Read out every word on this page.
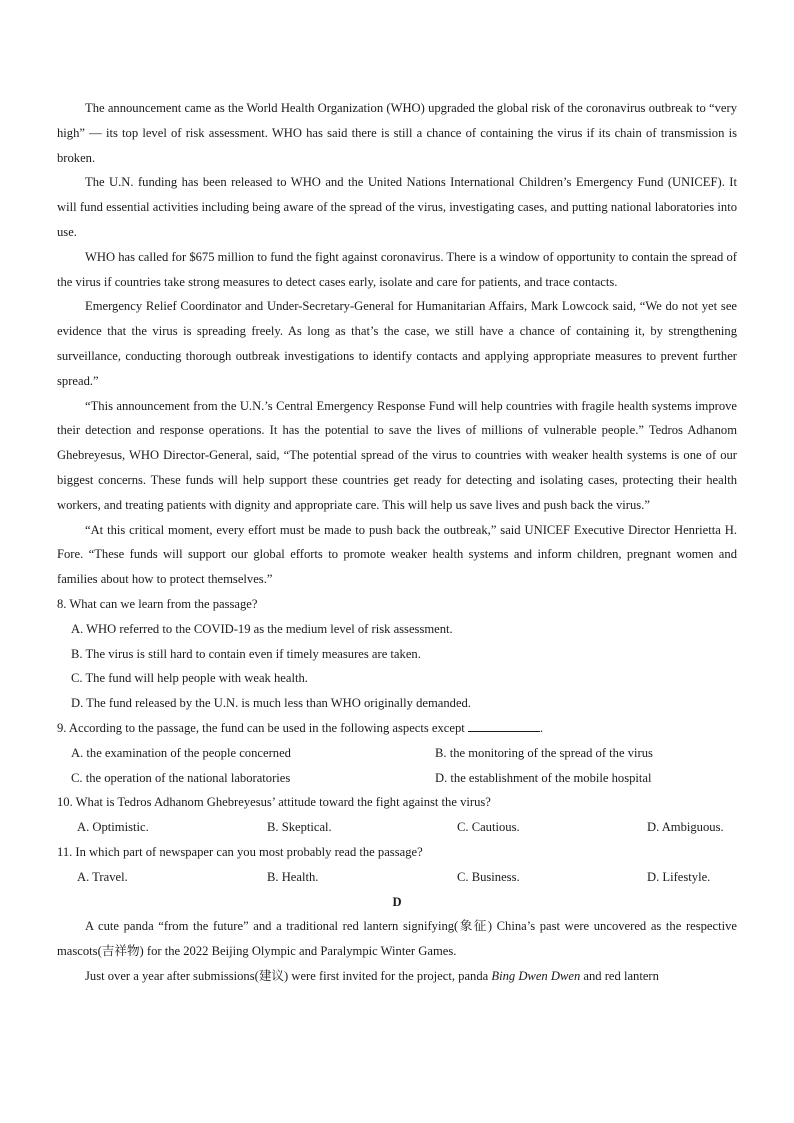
The announcement came as the World Health Organization (WHO) upgraded the global risk of the coronavirus outbreak to “very high” — its top level of risk assessment. WHO has said there is still a chance of containing the virus if its chain of transmission is broken.

The U.N. funding has been released to WHO and the United Nations International Children’s Emergency Fund (UNICEF). It will fund essential activities including being aware of the spread of the virus, investigating cases, and putting national laboratories into use.

WHO has called for $675 million to fund the fight against coronavirus. There is a window of opportunity to contain the spread of the virus if countries take strong measures to detect cases early, isolate and care for patients, and trace contacts.

Emergency Relief Coordinator and Under-Secretary-General for Humanitarian Affairs, Mark Lowcock said, “We do not yet see evidence that the virus is spreading freely. As long as that’s the case, we still have a chance of containing it, by strengthening surveillance, conducting thorough outbreak investigations to identify contacts and applying appropriate measures to prevent further spread.”

“This announcement from the U.N.’s Central Emergency Response Fund will help countries with fragile health systems improve their detection and response operations. It has the potential to save the lives of millions of vulnerable people.” Tedros Adhanom Ghebreyesus, WHO Director-General, said, “The potential spread of the virus to countries with weaker health systems is one of our biggest concerns. These funds will help support these countries get ready for detecting and isolating cases, protecting their health workers, and treating patients with dignity and appropriate care. This will help us save lives and push back the virus.”

“At this critical moment, every effort must be made to push back the outbreak,” said UNICEF Executive Director Henrietta H. Fore. “These funds will support our global efforts to promote weaker health systems and inform children, pregnant women and families about how to protect themselves.”

8. What can we learn from the passage?

A. WHO referred to the COVID-19 as the medium level of risk assessment.

B. The virus is still hard to contain even if timely measures are taken.

C. The fund will help people with weak health.

D. The fund released by the U.N. is much less than WHO originally demanded.

9. According to the passage, the fund can be used in the following aspects except	.

A. the examination of the people concerned	B. the monitoring of the spread of the virus
C. the operation of the national laboratories	D. the establishment of the mobile hospital

10. What is Tedros Adhanom Ghebreyesus’ attitude toward the fight against the virus?

A. Optimistic.	B. Skeptical.	C. Cautious.	D. Ambiguous.

11. In which part of newspaper can you most probably read the passage?

A. Travel.	B. Health.	C. Business.	D. Lifestyle.

D

A cute panda “from the future” and a traditional red lantern signifying(象征) China’s past were uncovered as the respective mascots(吉祥物) for the 2022 Beijing Olympic and Paralympic Winter Games.

Just over a year after submissions(建议) were first invited for the project, panda Bing Dwen Dwen and red lantern
